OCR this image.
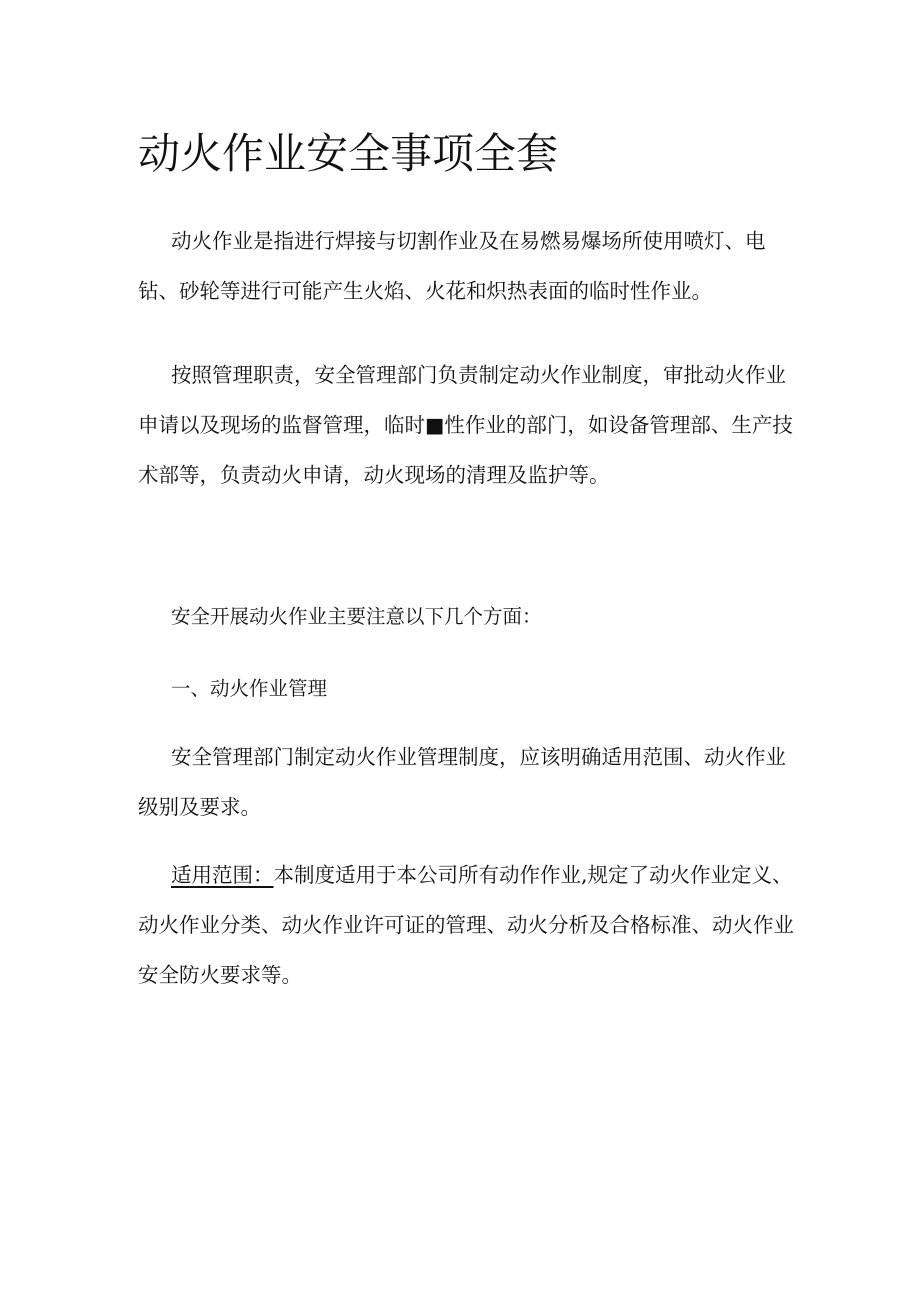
动火作业安全事项全套
动火作业是指进行焊接与切割作业及在易燃易爆场所使用喷灯、电
钻、砂轮等进行可能产生火焰、火花和炽热表面的临时性作业。
按照管理职责，安全管理部门负责制定动火作业制度，审批动火作业
申请以及现场的监督管理，临时■性作业的部门，如设备管理部、生产技
术部等，负责动火申请，动火现场的清理及监护等。
安全开展动火作业主要注意以下几个方面：
一、动火作业管理
安全管理部门制定动火作业管理制度，应该明确适用范围、动火作业
级别及要求。
适用范围：本制度适用于本公司所有动作作业,规定了动火作业定义、
动火作业分类、动火作业许可证的管理、动火分析及合格标准、动火作业
安全防火要求等。
